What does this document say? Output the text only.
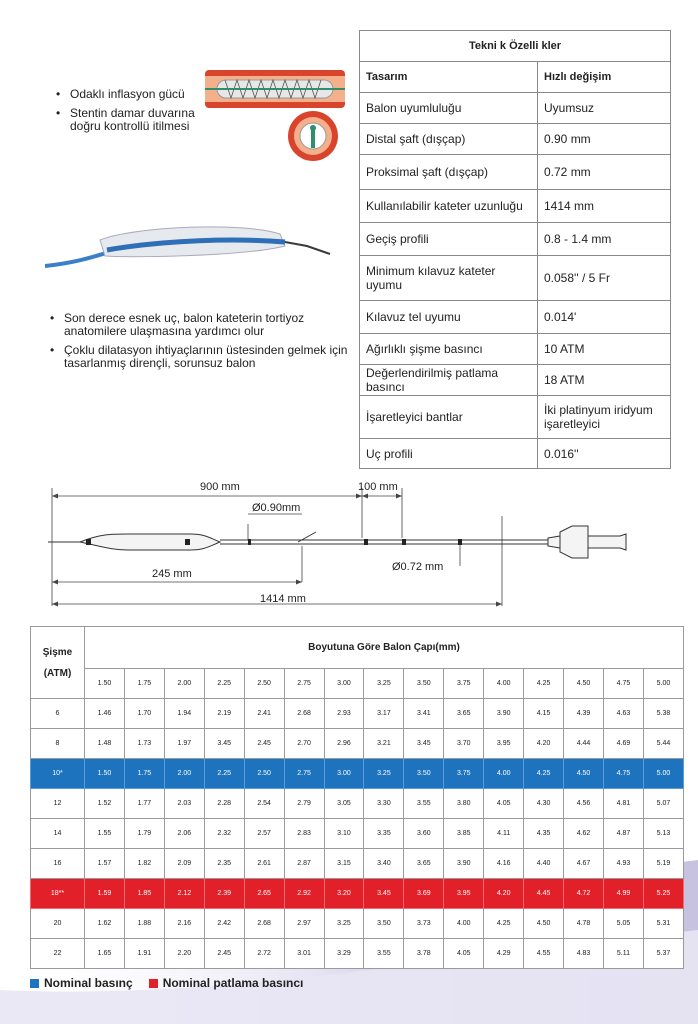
• Odaklı inflasyon gücü
• Stentin damar duvarına doğru kontrollü itilmesi
• Son derece esnek uç, balon kateterin tortiyoz anatomilere ulaşmasına yardımcı olur
• Çoklu dilatasyon ihtiyaçlarının üstesinden gelmek için tasarlanmış dirençli, sorunsuz balon
Tekni k Özelli kler	
Tasarım	Hızlı değişim
Balon uyumluluğu	Uyumsuz
Distal şaft (dışçap)	0.90 mm
Proksimal şaft (dışçap)	0.72 mm
Kullanılabilir kateter uzunluğu	1414 mm
Geçiş profili	0.8 - 1.4 mm
Minimum kılavuz kateter uyumu	0.058'' / 5 Fr
Kılavuz tel uyumu	0.014'
Ağırlıklı şişme basıncı	10 ATM
Değerlendirilmiş patlama basıncı	18 ATM
İşaretleyici bantlar	İki platinyum iridyum işaretleyici
Uç profili	0.016''
900 mm	100 mm
Ø0.90mm
Ø0.72 mm
245 mm
1414 mm
Şişme
(ATM)	Boyutuna Göre Balon Çapı(mm)														
	1.50	1.75	2.00	2.25	2.50	2.75	3.00	3.25	3.50	3.75	4.00	4.25	4.50	4.75	5.00
6	1.46	1.70	1.94	2.19	2.41	2.68	2.93	3.17	3.41	3.65	3.90	4.15	4.39	4.63	5.38
8	1.48	1.73	1.97	3.45	2.45	2.70	2.96	3.21	3.45	3.70	3.95	4.20	4.44	4.69	5.44
10*	1.50	1.75	2.00	2.25	2.50	2.75	3.00	3.25	3.50	3.75	4.00	4.25	4.50	4.75	5.00
12	1.52	1.77	2.03	2.28	2.54	2.79	3.05	3.30	3.55	3.80	4.05	4.30	4.56	4.81	5.07
14	1.55	1.79	2.06	2.32	2.57	2.83	3.10	3.35	3.60	3.85	4.11	4.35	4.62	4.87	5.13
16	1.57	1.82	2.09	2.35	2.61	2.87	3.15	3.40	3.65	3.90	4.16	4.40	4.67	4.93	5.19
18**	1.59	1.85	2.12	2.39	2.65	2.92	3.20	3.45	3.69	3.95	4.20	4.45	4.72	4.99	5.25
20	1.62	1.88	2.16	2.42	2.68	2.97	3.25	3.50	3.73	4.00	4.25	4.50	4.78	5.05	5.31
22	1.65	1.91	2.20	2.45	2.72	3.01	3.29	3.55	3.78	4.05	4.29	4.55	4.83	5.11	5.37
Nominal basınç	Nominal patlama basıncı
